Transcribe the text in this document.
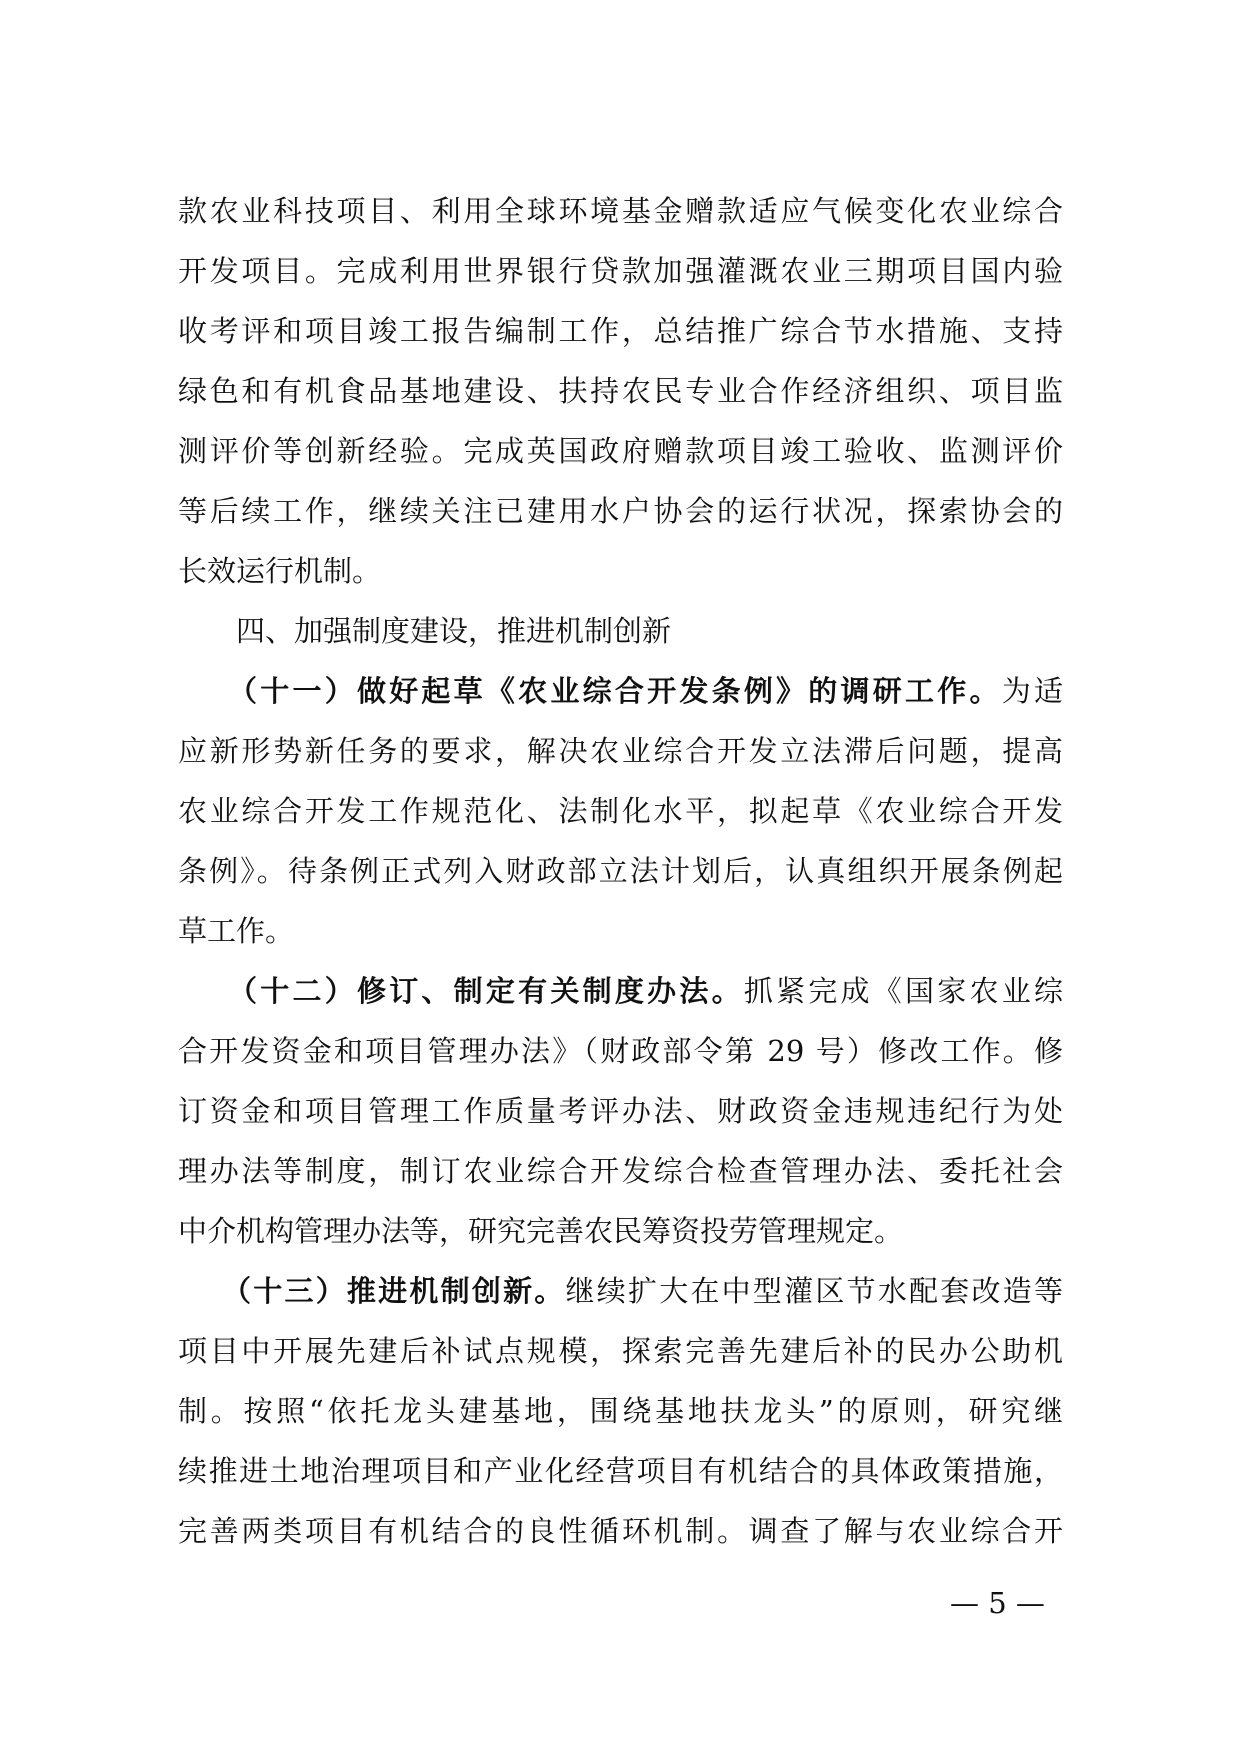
款农业科技项目、利用全球环境基金赠款适应气候变化农业综合
开发项目。完成利用世界银行贷款加强灌溉农业三期项目国内验
收考评和项目竣工报告编制工作，总结推广综合节水措施、支持
绿色和有机食品基地建设、扶持农民专业合作经济组织、项目监
测评价等创新经验。完成英国政府赠款项目竣工验收、监测评价
等后续工作，继续关注已建用水户协会的运行状况，探索协会的
长效运行机制。
四、加强制度建设，推进机制创新
（十一）做好起草《农业综合开发条例》的调研工作。为适
应新形势新任务的要求，解决农业综合开发立法滞后问题，提高
农业综合开发工作规范化、法制化水平，拟起草《农业综合开发
条例》。待条例正式列入财政部立法计划后，认真组织开展条例起
草工作。
（十二）修订、制定有关制度办法。抓紧完成《国家农业综
合开发资金和项目管理办法》（财政部令第 29 号）修改工作。修
订资金和项目管理工作质量考评办法、财政资金违规违纪行为处
理办法等制度，制订农业综合开发综合检查管理办法、委托社会
中介机构管理办法等，研究完善农民筹资投劳管理规定。
（十三）推进机制创新。继续扩大在中型灌区节水配套改造等
项目中开展先建后补试点规模，探索完善先建后补的民办公助机
制。按照“依托龙头建基地，围绕基地扶龙头”的原则，研究继
续推进土地治理项目和产业化经营项目有机结合的具体政策措施，
完善两类项目有机结合的良性循环机制。调查了解与农业综合开
— 5 —
